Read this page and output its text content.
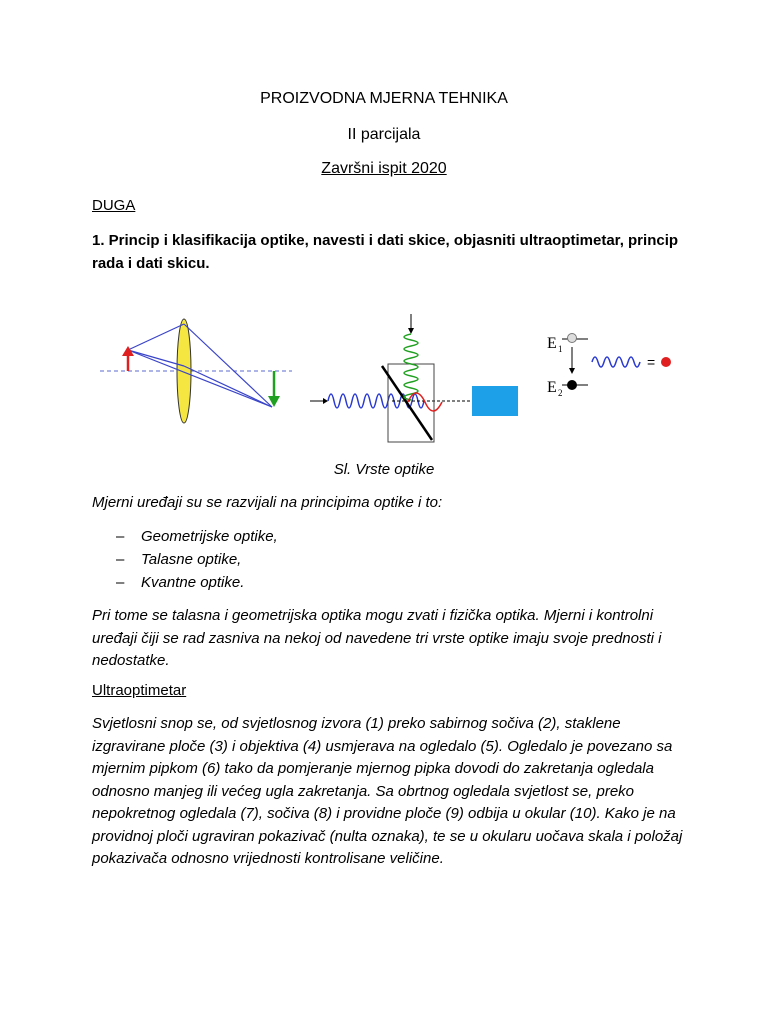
PROIZVODNA MJERNA TEHNIKA
II parcijala
Završni ispit 2020
DUGA
1. Princip i klasifikacija optike, navesti i dati skice, objasniti ultraoptimetar, princip rada i dati skicu.
E 1
E 2
=
Sl. Vrste optike
Mjerni uređaji su se razvijali na principima optike i to:
– Geometrijske optike,
– Talasne optike,
– Kvantne optike.
Pri tome se talasna i geometrijska optika mogu zvati i fizička optika. Mjerni i kontrolni uređaji čiji se rad zasniva na nekoj od navedene tri vrste optike imaju svoje prednosti i nedostatke.
Ultraoptimetar
Svjetlosni snop se, od svjetlosnog izvora (1) preko sabirnog sočiva (2), staklene izgravirane ploče (3) i objektiva (4) usmjerava na ogledalo (5). Ogledalo je povezano sa mjernim pipkom (6) tako da pomjeranje mjernog pipka dovodi do zakretanja ogledala odnosno manjeg ili većeg ugla zakretanja. Sa obrtnog ogledala svjetlost se, preko nepokretnog ogledala (7), sočiva (8) i providne ploče (9) odbija u okular (10). Kako je na providnoj ploči ugraviran pokazivač (nulta oznaka), te se u okularu uočava skala i položaj pokazivača odnosno vrijednosti kontrolisane veličine.
